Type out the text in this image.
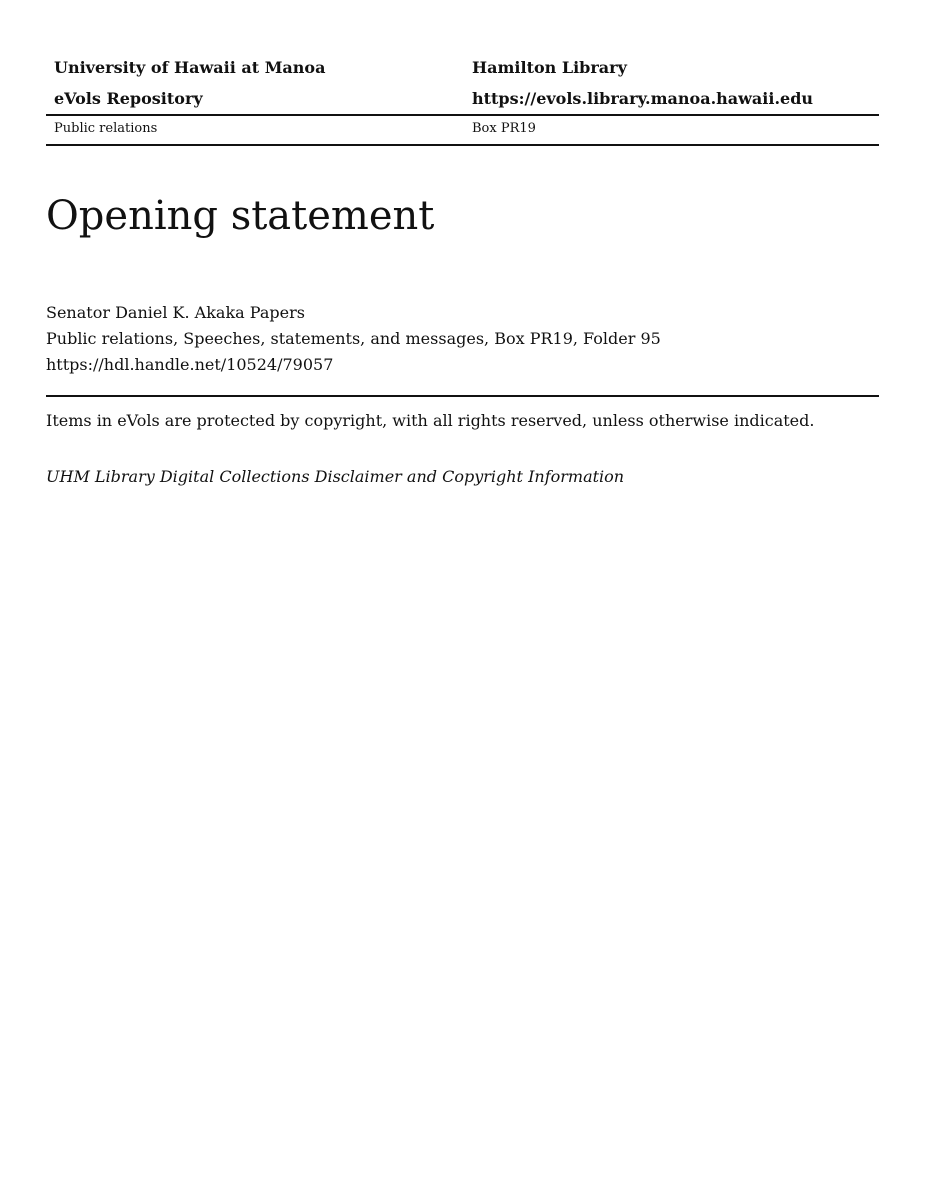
University of Hawaii at Manoa	Hamilton Library
eVols Repository	https://evols.library.manoa.hawaii.edu
Public relations	Box PR19
Opening statement
Senator Daniel K. Akaka Papers
Public relations, Speeches, statements, and messages, Box PR19, Folder 95
https://hdl.handle.net/10524/79057
Items in eVols are protected by copyright, with all rights reserved, unless otherwise indicated.
UHM Library Digital Collections Disclaimer and Copyright Information
